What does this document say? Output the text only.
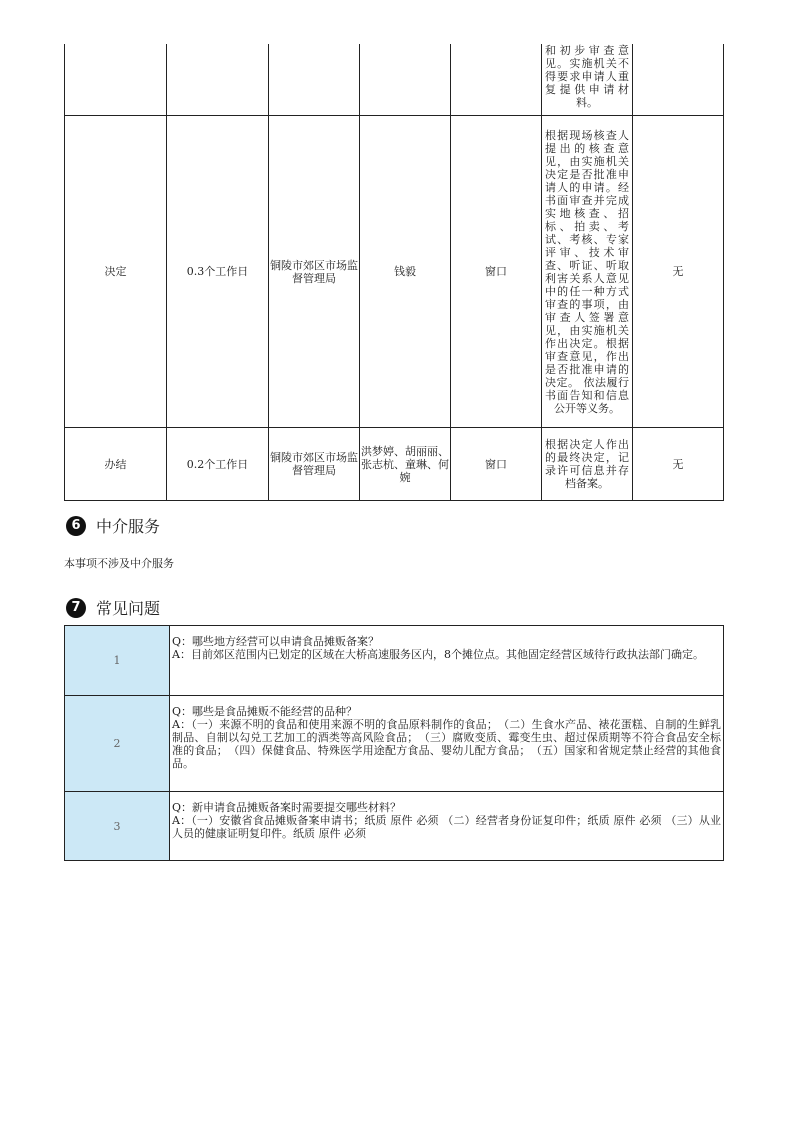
					和初步审查意见。实施机关不得要求申请人重复提供申请材料。	

决定	0.3个工作日	铜陵市郊区市场监督管理局	钱毅	窗口	根据现场核查人提出的核查意见，由实施机关决定是否批准申请人的申请。经书面审查并完成实地核查、招标、拍卖、考试、考核、专家评审、技术审查、听证、听取利害关系人意见中的任一种方式审查的事项，由审查人签署意见，由实施机关作出决定。根据审查意见，作出是否批准申请的决定。 依法履行书面告知和信息公开等义务。	无
办结	0.2个工作日	铜陵市郊区市场监督管理局	洪梦婷、胡丽丽、张志杭、童琳、何婉	窗口	根据决定人作出的最终决定，记录许可信息并存档备案。	无
6 中介服务
本事项不涉及中介服务
7 常见问题
1	Q：哪些地方经营可以申请食品摊贩备案？
A：目前郊区范围内已划定的区域在大桥高速服务区内，8个摊位点。其他固定经营区域待行政执法部门确定。

2	Q：哪些是食品摊贩不能经营的品种？
A：（一）来源不明的食品和使用来源不明的食品原料制作的食品；　（二）生食水产品、裱花蛋糕、自制的生鲜乳制品、自制以勾兑工艺加工的酒类等高风险食品；　（三）腐败变质、霉变生虫、超过保质期等不符合食品安全标准的食品；　（四）保健食品、特殊医学用途配方食品、婴幼儿配方食品；　（五）国家和省规定禁止经营的其他食品。

3	Q：新申请食品摊贩备案时需要提交哪些材料？
A：（一）安徽省食品摊贩备案申请书；纸质 原件 必须 （二）经营者身份证复印件；纸质 原件 必须 （三）从业人员的健康证明复印件。纸质 原件 必须
